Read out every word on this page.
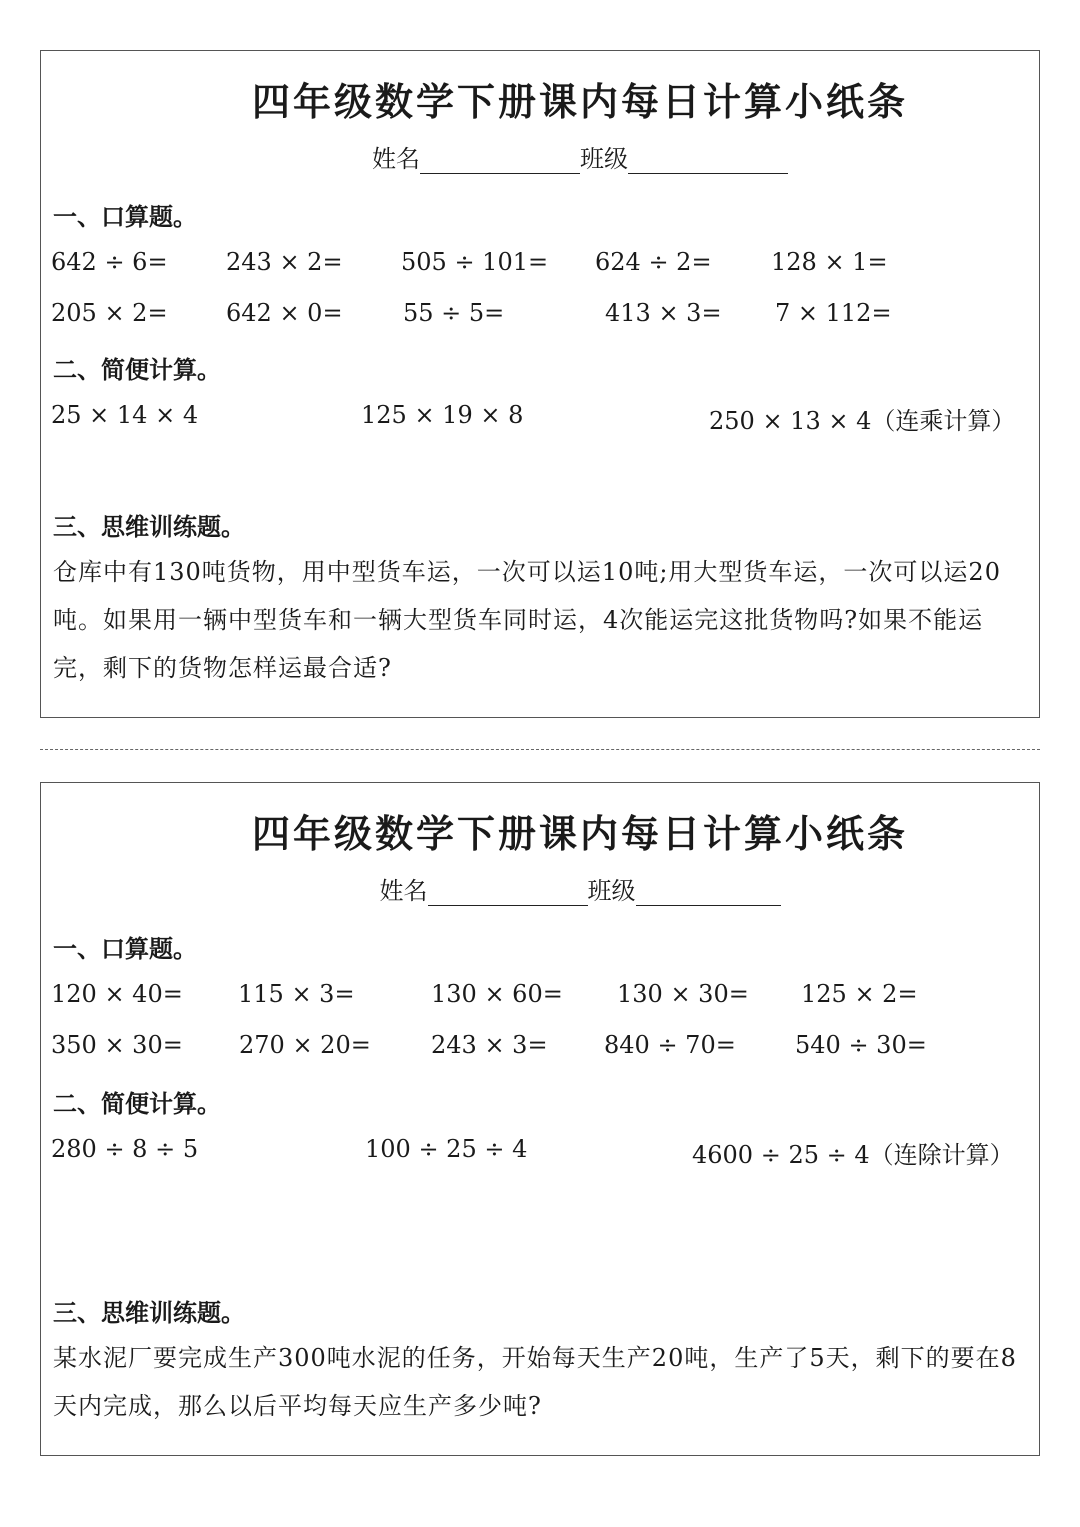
四年级数学下册课内每日计算小纸条
姓名	班级
一、口算题。
642 ÷ 6= 243 × 2= 505 ÷ 101= 624 ÷ 2= 128 × 1=
205 × 2= 642 × 0=	55 ÷ 5=	413 × 3= 7 × 112=
二、简便计算。
25 × 14 × 4	125 × 19 × 8	250 × 13 × 4（连乘计算）
三、思维训练题。
仓库中有130吨货物，用中型货车运，一次可以运10吨;用大型货车运，一次可以运20吨。如果用一辆中型货车和一辆大型货车同时运，4次能运完这批货物吗?如果不能运完，剩下的货物怎样运最合适?
四年级数学下册课内每日计算小纸条
姓名	班级
一、口算题。
120 × 40= 115 × 3=	130 × 60= 130 × 30= 125 × 2=
350 × 30= 270 × 20=	243 × 3= 840 ÷ 70= 540 ÷ 30=
二、简便计算。
280 ÷ 8 ÷ 5	100 ÷ 25 ÷ 4	4600 ÷ 25 ÷ 4（连除计算）
三、思维训练题。
某水泥厂要完成生产300吨水泥的任务，开始每天生产20吨，生产了5天，剩下的要在8天内完成，那么以后平均每天应生产多少吨?
